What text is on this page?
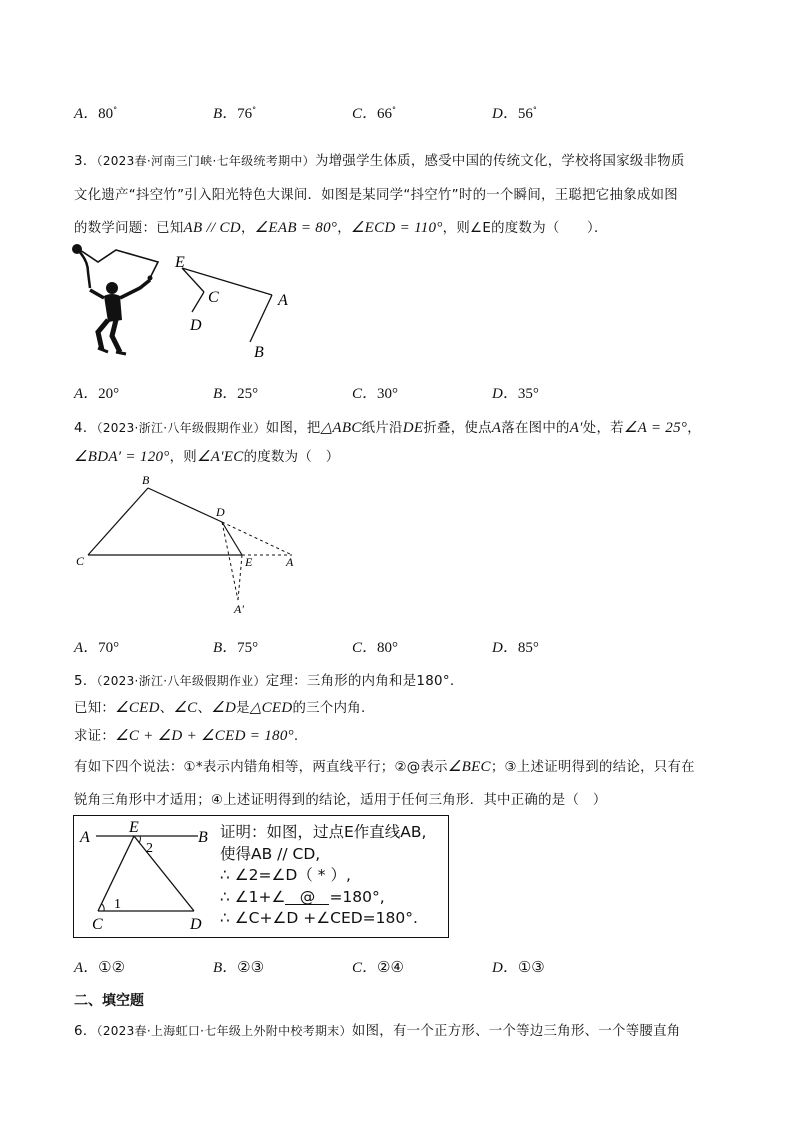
A．80°	B．76°	C．66°	D．56°
3．（2023春·河南三门峡·七年级统考期中）为增强学生体质，感受中国的传统文化，学校将国家级非物质
文化遗产“抖空竹”引入阳光特色大课间．如图是某同学“抖空竹”时的一个瞬间，王聪把它抽象成如图
的数学问题：已知AB // CD，∠EAB = 80°，∠ECD = 110°，则∠E的度数为（　　）．
E
C	A
D
B
A．20°	B．25°	C．30°	D．35°
4．（2023·浙江·八年级假期作业）如图，把△ABC纸片沿DE折叠，使点A落在图中的A′处，若∠A = 25°，
∠BDA′ = 120°，则∠A′EC的度数为（　）
B
D
C	E	A
A′
A．70°	B．75°	C．80°	D．85°
5．（2023·浙江·八年级假期作业）定理：三角形的内角和是180°.
已知：∠CED、∠C、∠D是△CED的三个内角.
求证：∠C + ∠D + ∠CED = 180°.
有如下四个说法：①*表示内错角相等，两直线平行；②@表示∠BEC；③上述证明得到的结论，只有在
锐角三角形中才适用；④上述证明得到的结论，适用于任何三角形．其中正确的是（　）
A
E
B
2
1
C	D
证明：如图，过点E作直线AB,
使得AB // CD,
∴ ∠2=∠D（ * ）,
∴ ∠1+∠ @ =180°,
∴ ∠C+∠D +∠CED=180°.
A．①②	B．②③	C．②④	D．①③
二、填空题
6．（2023春·上海虹口·七年级上外附中校考期末）如图，有一个正方形、一个等边三角形、一个等腰直角
